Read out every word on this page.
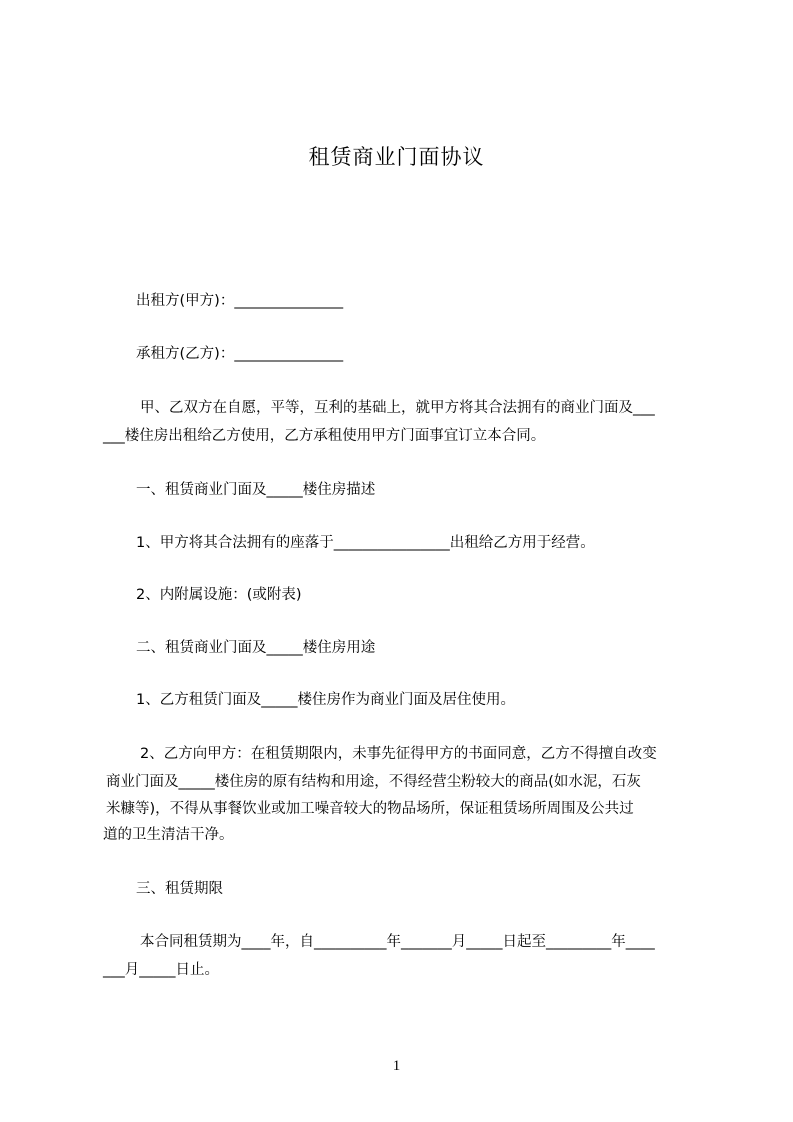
租赁商业门面协议
出租方(甲方)：_______________
承租方(乙方)：_______________
甲、乙双方在自愿，平等，互利的基础上，就甲方将其合法拥有的商业门面及___
___楼住房出租给乙方使用，乙方承租使用甲方门面事宜订立本合同。
一、租赁商业门面及_____楼住房描述
1、甲方将其合法拥有的座落于________________出租给乙方用于经营。
2、内附属设施：(或附表)
二、租赁商业门面及_____楼住房用途
1、乙方租赁门面及_____楼住房作为商业门面及居住使用。
2、乙方向甲方：在租赁期限内，未事先征得甲方的书面同意，乙方不得擅自改变
商业门面及_____楼住房的原有结构和用途，不得经营尘粉较大的商品(如水泥，石灰
米糠等)，不得从事餐饮业或加工噪音较大的物品场所，保证租赁场所周围及公共过
道的卫生清洁干净。
三、租赁期限
本合同租赁期为____年，自__________年_______月_____日起至_________年____
___月_____日止。
1
